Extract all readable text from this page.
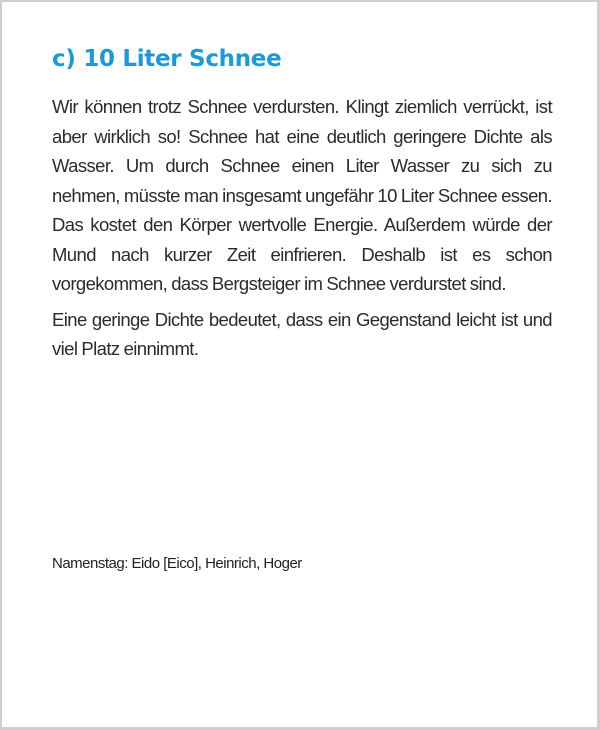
c) 10 Liter Schnee

Wir können trotz Schnee verdursten. Klingt ziemlich verrückt, ist aber wirklich so! Schnee hat eine deutlich geringere Dichte als Wasser. Um durch Schnee einen Liter Wasser zu sich zu nehmen, müsste man insgesamt ungefähr 10 Liter Schnee essen. Das kostet den Körper wertvolle Energie. Außerdem würde der Mund nach kurzer Zeit einfrieren. Deshalb ist es schon vorgekommen, dass Bergsteiger im Schnee verdurstet sind.

Eine geringe Dichte bedeutet, dass ein Gegenstand leicht ist und viel Platz einnimmt.

Namenstag: Eido [Eico], Heinrich, Hoger
